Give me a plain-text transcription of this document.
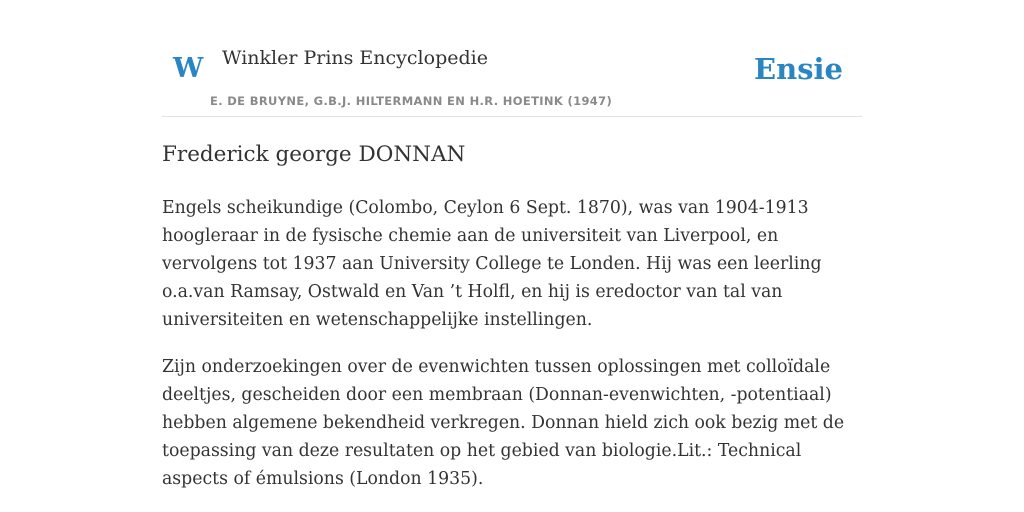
W Winkler Prins Encyclopedie
E. DE BRUYNE, G.B.J. HILTERMANN EN H.R. HOETINK (1947)
Ensie
Frederick george DONNAN

Engels scheikundige (Colombo, Ceylon 6 Sept. 1870), was van 1904-1913 hoogleraar in de fysische chemie aan de universiteit van Liverpool, en vervolgens tot 1937 aan University College te Londen. Hij was een leerling o.a.van Ramsay, Ostwald en Van ’t Holfl, en hij is eredoctor van tal van universiteiten en wetenschappelijke instellingen.

Zijn onderzoekingen over de evenwichten tussen oplossingen met colloïdale deeltjes, gescheiden door een membraan (Donnan-evenwichten, -potentiaal) hebben algemene bekendheid verkregen. Donnan hield zich ook bezig met de toepassing van deze resultaten op het gebied van biologie.Lit.: Technical aspects of émulsions (London 1935).
